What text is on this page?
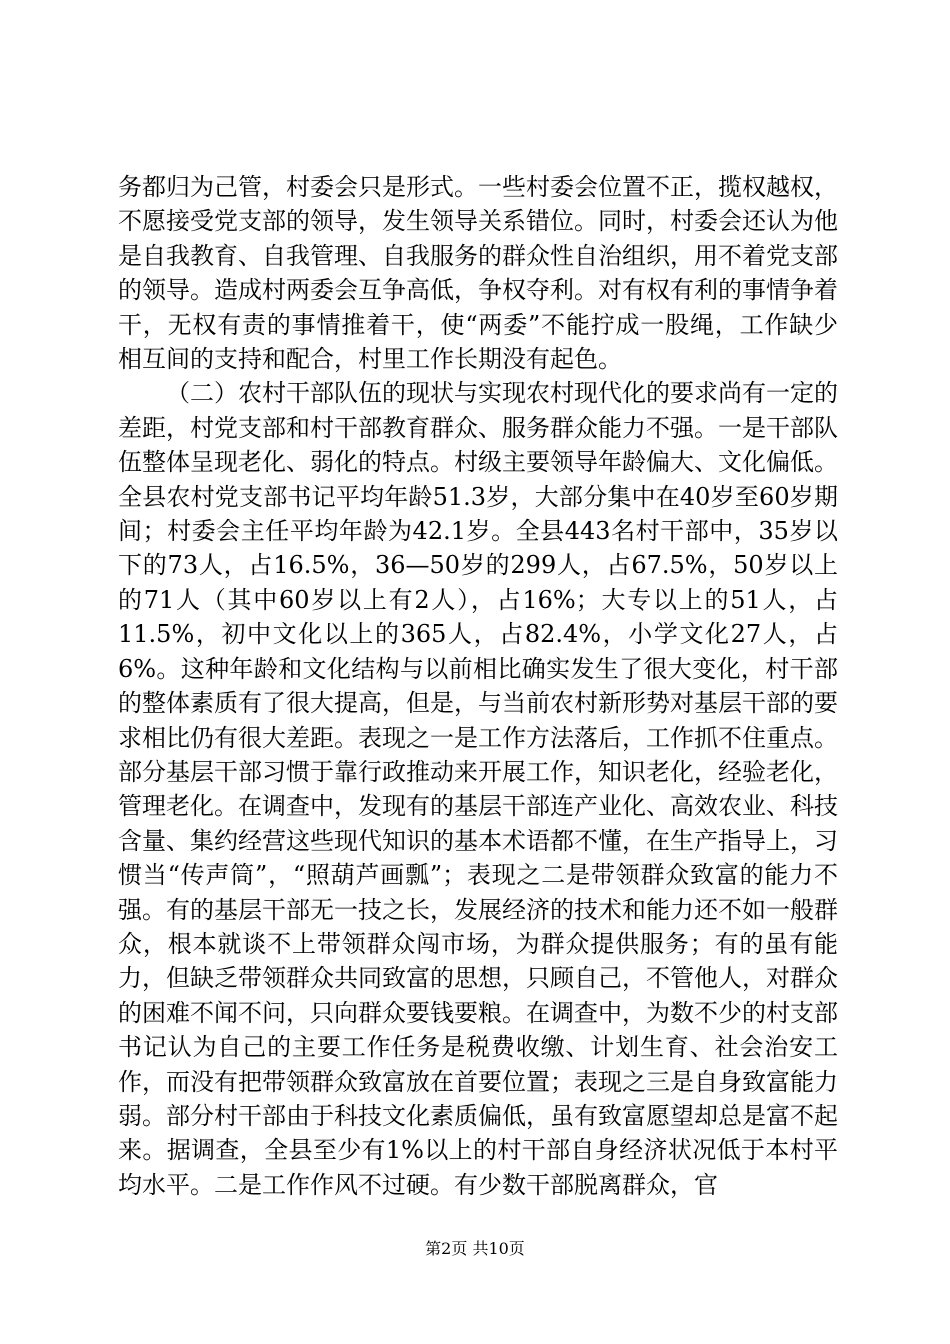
务都归为己管，村委会只是形式。一些村委会位置不正，揽权越权，不愿接受党支部的领导，发生领导关系错位。同时，村委会还认为他是自我教育、自我管理、自我服务的群众性自治组织，用不着党支部的领导。造成村两委会互争高低，争权夺利。对有权有利的事情争着干，无权有责的事情推着干，使“两委”不能拧成一股绳，工作缺少相互间的支持和配合，村里工作长期没有起色。

（二）农村干部队伍的现状与实现农村现代化的要求尚有一定的差距，村党支部和村干部教育群众、服务群众能力不强。一是干部队伍整体呈现老化、弱化的特点。村级主要领导年龄偏大、文化偏低。全县农村党支部书记平均年龄51.3岁，大部分集中在40岁至60岁期间；村委会主任平均年龄为42.1岁。全县443名村干部中，35岁以下的73人，占16.5%，36—50岁的299人，占67.5%，50岁以上的71人（其中60岁以上有2人），占16%；大专以上的51人，占11.5%，初中文化以上的365人，占82.4%，小学文化27人，占6%。这种年龄和文化结构与以前相比确实发生了很大变化，村干部的整体素质有了很大提高，但是，与当前农村新形势对基层干部的要求相比仍有很大差距。表现之一是工作方法落后，工作抓不住重点。部分基层干部习惯于靠行政推动来开展工作，知识老化，经验老化，管理老化。在调查中，发现有的基层干部连产业化、高效农业、科技含量、集约经营这些现代知识的基本术语都不懂，在生产指导上，习惯当“传声筒”，“照葫芦画瓢”；表现之二是带领群众致富的能力不强。有的基层干部无一技之长，发展经济的技术和能力还不如一般群众，根本就谈不上带领群众闯市场，为群众提供服务；有的虽有能力，但缺乏带领群众共同致富的思想，只顾自己，不管他人，对群众的困难不闻不问，只向群众要钱要粮。在调查中，为数不少的村支部书记认为自己的主要工作任务是税费收缴、计划生育、社会治安工作，而没有把带领群众致富放在首要位置；表现之三是自身致富能力弱。部分村干部由于科技文化素质偏低，虽有致富愿望却总是富不起来。据调查，全县至少有1%以上的村干部自身经济状况低于本村平均水平。二是工作作风不过硬。有少数干部脱离群众，官

第2页 共10页
